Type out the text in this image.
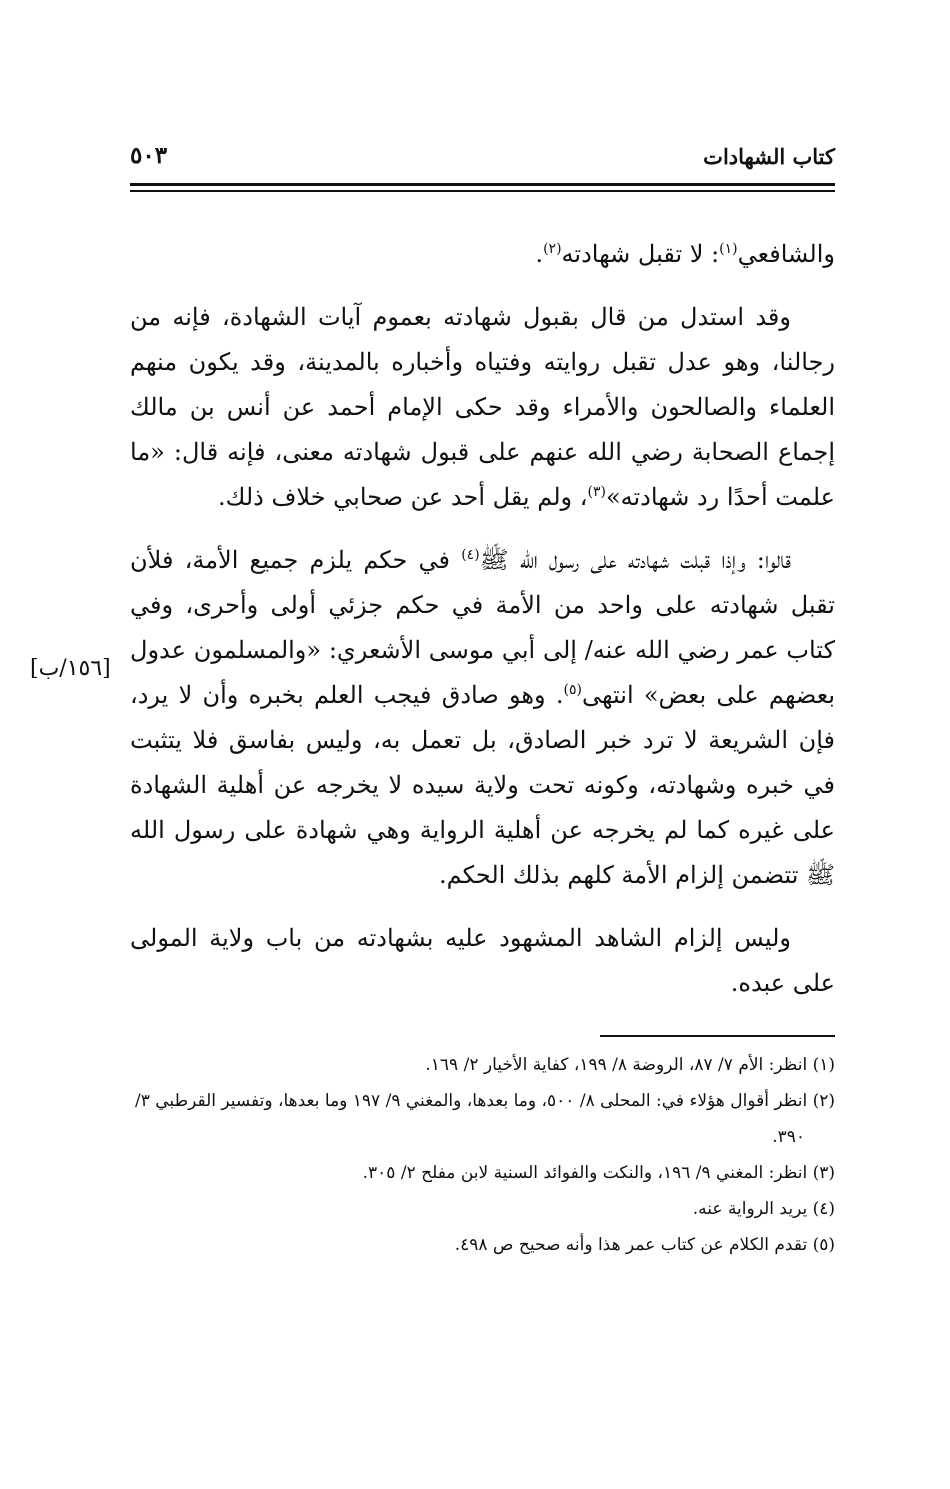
كتاب الشهادات
٥٠٣

والشافعي$^{(١)}$: لا تقبل شهادته$^{(٢)}$.

وقد استدل من قال بقبول شهادته بعموم آيات الشهادة، فإنه من رجالنا، وهو عدل تقبل روايته وفتياه وأخباره بالمدينة، وقد يكون منهم العلماء والصالحون والأمراء وقد حكى الإمام أحمد عن أنس بن مالك إجماع الصحابة رضي الله عنهم على قبول شهادته معنى، فإنه قال: «ما علمت أحدًا رد شهادته»$^{(٣)}$، ولم يقل أحد عن صحابي خلاف ذلك.

قالوا: وإذا قبلت شهادته على رسول الله ﷺ$^{(٤)}$ في حكم يلزم جميع الأمة، فلأن تقبل شهادته على واحد من الأمة في حكم جزئي أولى وأحرى، وفي كتاب عمر رضي الله عنه/ إلى أبي موسى الأشعري: «والمسلمون عدول بعضهم على بعض» انتهى$^{(٥)}$. وهو صادق فيجب العلم بخبره وأن لا يرد، فإن الشريعة لا ترد خبر الصادق، بل تعمل به، وليس بفاسق فلا يتثبت في خبره وشهادته، وكونه تحت ولاية سيده لا يخرجه عن أهلية الشهادة على غيره كما لم يخرجه عن أهلية الرواية وهي شهادة على رسول الله ﷺ تتضمن إلزام الأمة كلهم بذلك الحكم.

وليس إلزام الشاهد المشهود عليه بشهادته من باب ولاية المولى على عبده.

[١٥٦/ب]

(١) انظر: الأم ٧/ ٨٧، الروضة ٨/ ١٩٩، كفاية الأخيار ٢/ ١٦٩.

(٢) انظر أقوال هؤلاء في: المحلى ٨/ ٥٠٠، وما بعدها، والمغني ٩/ ١٩٧ وما بعدها، وتفسير القرطبي ٣/ ٣٩٠.

(٣) انظر: المغني ٩/ ١٩٦، والنكت والفوائد السنية لابن مفلح ٢/ ٣٠٥.

(٤) يريد الرواية عنه.

(٥) تقدم الكلام عن كتاب عمر هذا وأنه صحيح ص ٤٩٨.
